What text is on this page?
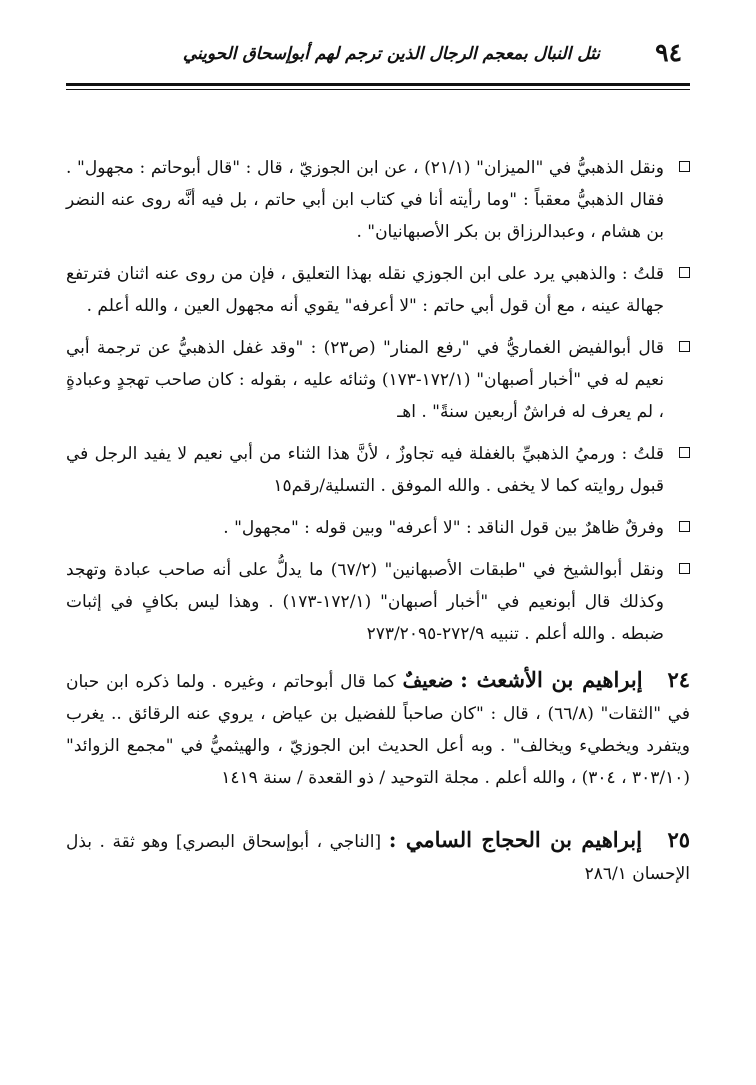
٩٤
نثل النبال بمعجم الرجال الذين ترجم لهم أبوإسحاق الحويني
ونقل الذهبيُّ في "الميزان" (٢١/١) ، عن ابن الجوزيّ ، قال : "قال أبوحاتم : مجهول" . فقال الذهبيُّ معقباً : "وما رأيته أنا في كتاب ابن أبي حاتم ، بل فيه أنَّه روى عنه النضر بن هشام ، وعبدالرزاق بن بكر الأصبهانيان" .
قلتُ : والذهبي يرد على ابن الجوزي نقله بهذا التعليق ، فإن من روى عنه اثنان فترتفع جهالة عينه ، مع أن قول أبي حاتم : "لا أعرفه" يقوي أنه مجهول العين ، والله أعلم .
قال أبوالفيض الغماريُّ في "رفع المنار" (ص٢٣) : "وقد غفل الذهبيُّ عن ترجمة أبي نعيم له في "أخبار أصبهان" (١٧٢/١-١٧٣) وثنائه عليه ، بقوله : كان صاحب تهجدٍ وعبادةٍ ، لم يعرف له فراشٌ أربعين سنةً" . اهـ
قلتُ : ورميُ الذهبيِّ بالغفلة فيه تجاوزٌ ، لأنَّ هذا الثناء من أبي نعيم لا يفيد الرجل في قبول روايته كما لا يخفى . والله الموفق . التسلية/رقم١٥
وفرقٌ ظاهرٌ بين قول الناقد : "لا أعرفه" وبين قوله : "مجهول" .
ونقل أبوالشيخ في "طبقات الأصبهانين" (٦٧/٢) ما يدلُّ على أنه صاحب عبادة وتهجد وكذلك قال أبونعيم في "أخبار أصبهان" (١٧٢/١-١٧٣) . وهذا ليس بكافٍ في إثبات ضبطه . والله أعلم . تنبيه ٢٧٢/٩-٢٧٣/٢٠٩٥
٢٤ إبراهيم بن الأشعث : ضعيفٌ كما قال أبوحاتم ، وغيره . ولما ذكره ابن حبان في "الثقات" (٦٦/٨) ، قال : "كان صاحباً للفضيل بن عياض ، يروي عنه الرقائق .. يغرب ويتفرد ويخطيء ويخالف" . وبه أعل الحديث ابن الجوزيّ ، والهيثميُّ في "مجمع الزوائد" (٣٠٣/١٠ ، ٣٠٤) ، والله أعلم . مجلة التوحيد / ذو القعدة / سنة ١٤١٩
٢٥ إبراهيم بن الحجاج السامي : [الناجي ، أبوإسحاق البصري] وهو ثقة . بذل الإحسان ٢٨٦/١
